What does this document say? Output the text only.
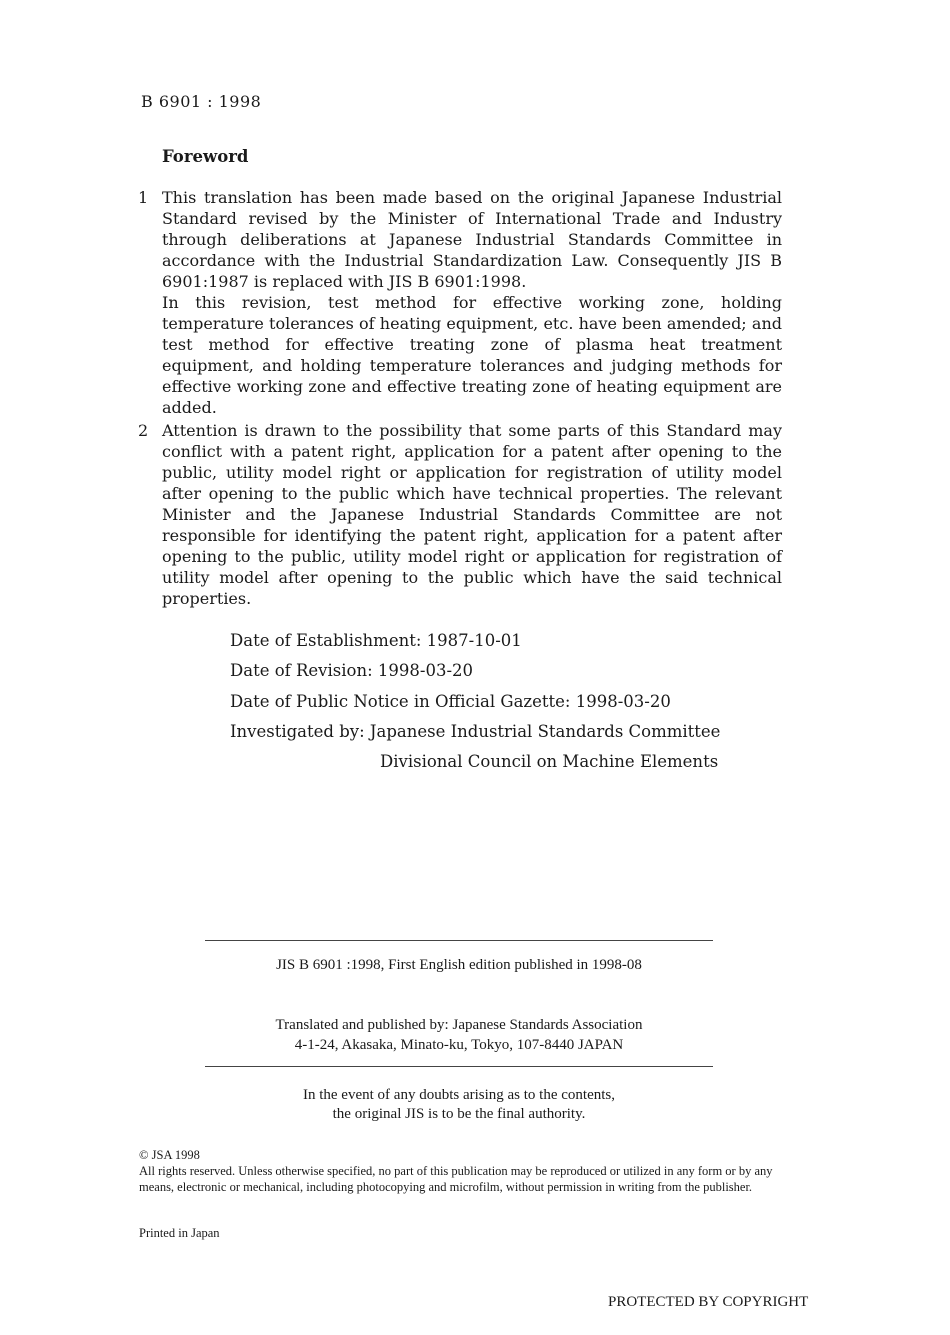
B 6901 : 1998
Foreword
1 This translation has been made based on the original Japanese Industrial Standard revised by the Minister of International Trade and Industry through deliberations at Japanese Industrial Standards Committee in accordance with the Industrial Standardization Law. Consequently JIS B 6901:1987 is replaced with JIS B 6901:1998.

In this revision, test method for effective working zone, holding temperature tolerances of heating equipment, etc. have been amended; and test method for effective treating zone of plasma heat treatment equipment, and holding temperature tolerances and judging methods for effective working zone and effective treating zone of heating equipment are added.

2 Attention is drawn to the possibility that some parts of this Standard may conflict with a patent right, application for a patent after opening to the public, utility model right or application for registration of utility model after opening to the public which have technical properties. The relevant Minister and the Japanese Industrial Standards Committee are not responsible for identifying the patent right, application for a patent after opening to the public, utility model right or application for registration of utility model after opening to the public which have the said technical properties.

Date of Establishment: 1987-10-01
Date of Revision: 1998-03-20
Date of Public Notice in Official Gazette: 1998-03-20
Investigated by: Japanese Industrial Standards Committee
Divisional Council on Machine Elements
JIS B 6901 :1998, First English edition published in 1998-08
Translated and published by: Japanese Standards Association
4-1-24, Akasaka, Minato-ku, Tokyo, 107-8440 JAPAN
In the event of any doubts arising as to the contents,
the original JIS is to be the final authority.
© JSA 1998
All rights reserved. Unless otherwise specified, no part of this publication may be reproduced or utilized in any form or by any means, electronic or mechanical, including photocopying and microfilm, without permission in writing from the publisher.
Printed in Japan
PROTECTED BY COPYRIGHT
